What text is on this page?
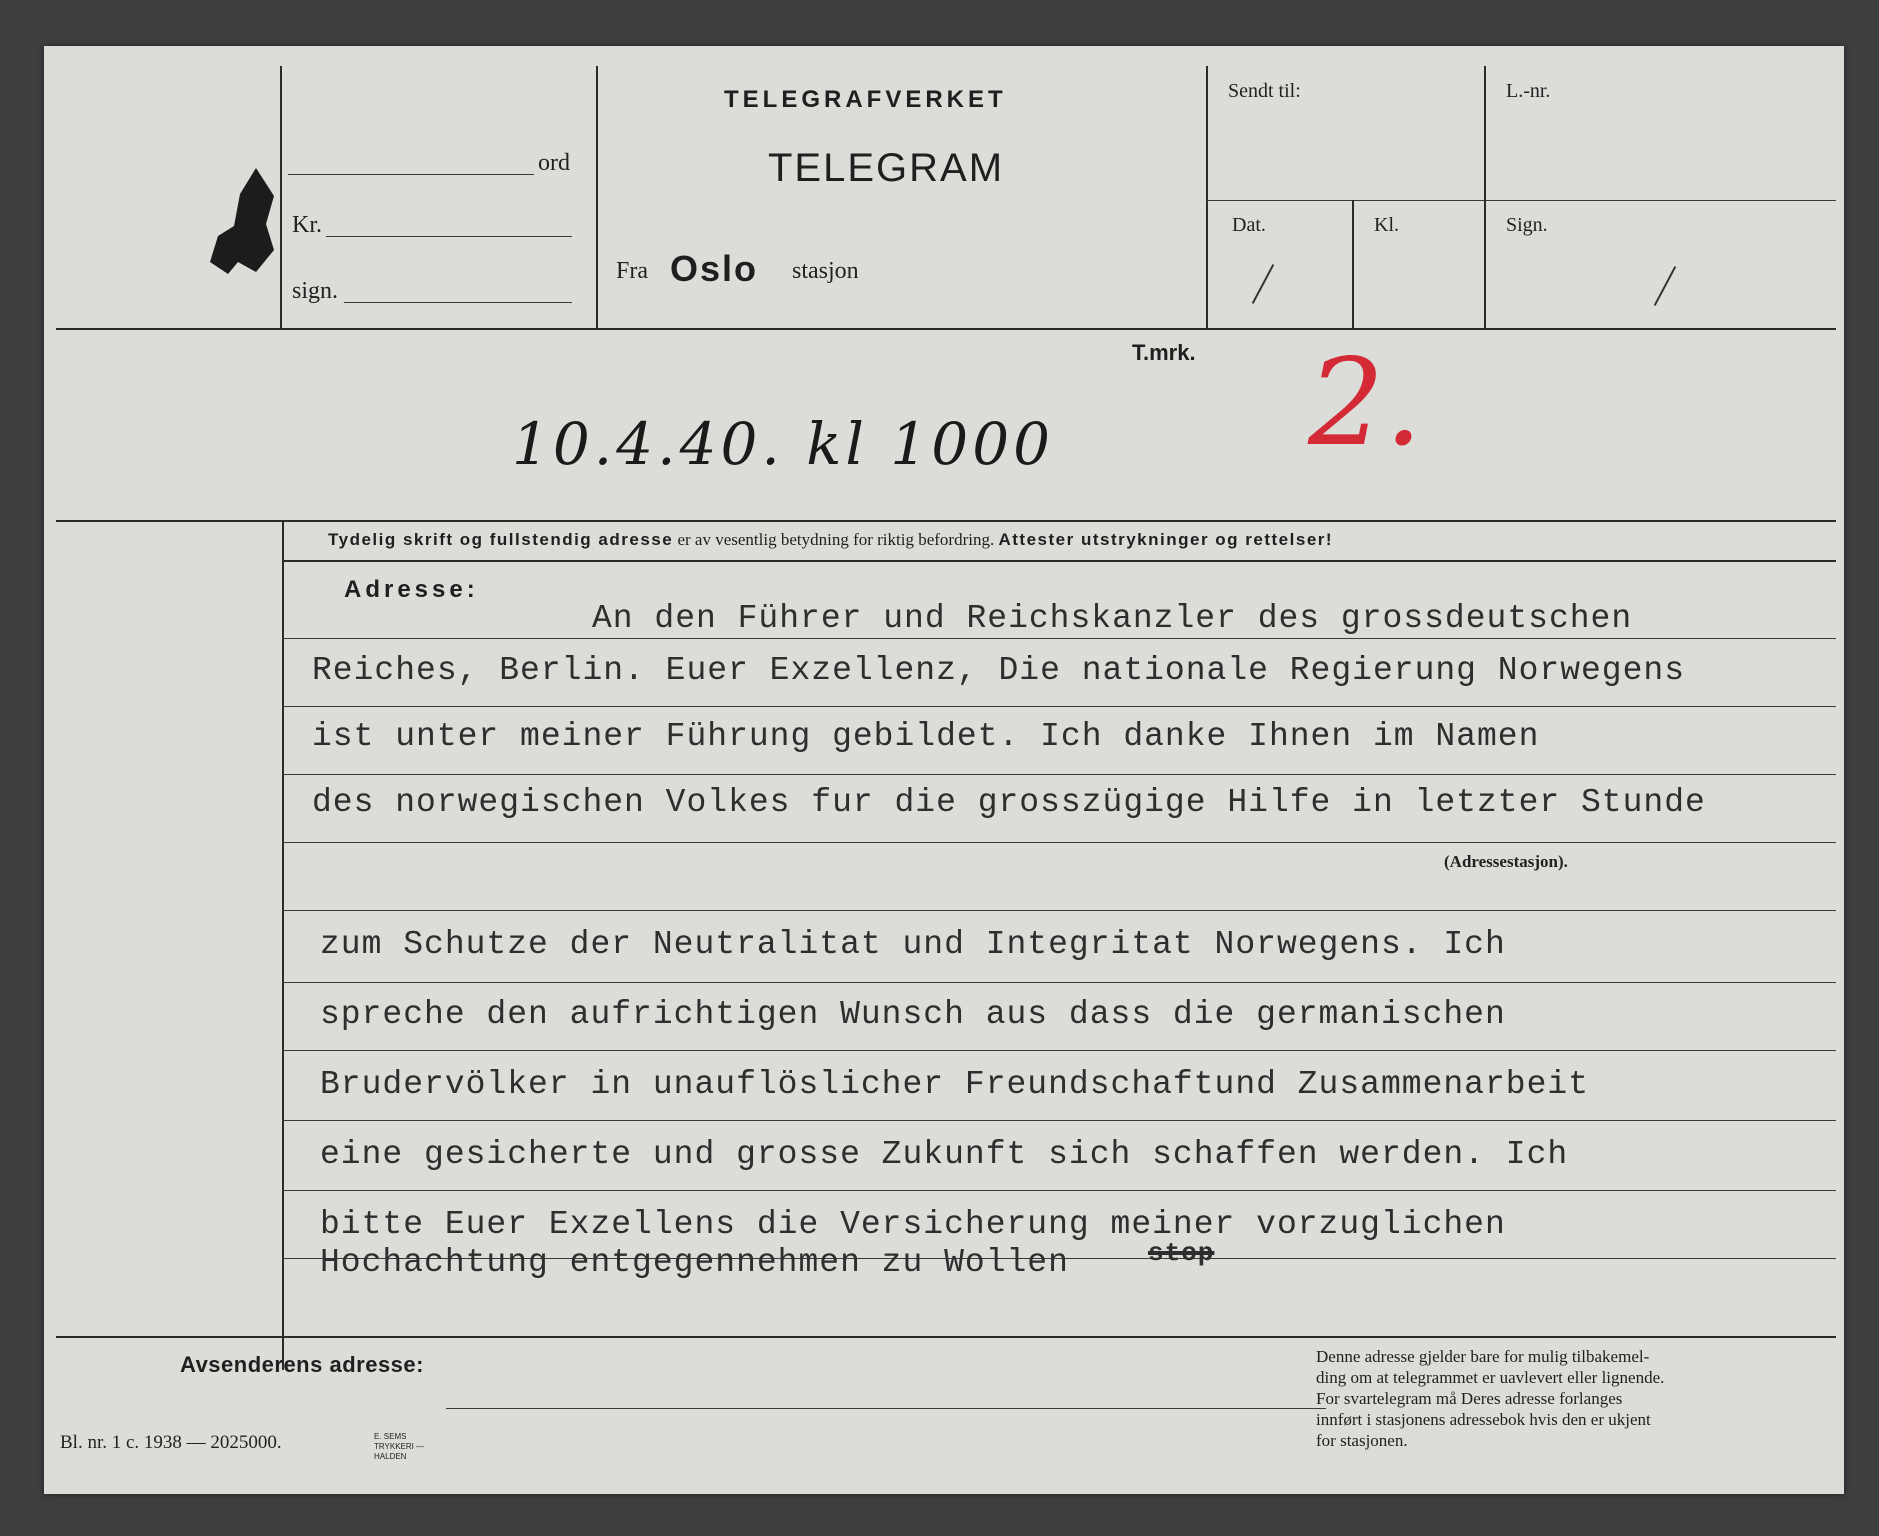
ord
Kr.
sign.
TELEGRAFVERKET
TELEGRAM
Fra Oslo stasjon
Sendt til:	L.-nr.
Dat.	Kl.	Sign.
T.mrk.
10.4.40. kl 1000 2.
Tydelig skrift og fullstendig adresse er av vesentlig betydning for riktig befordring. Attester utstrykninger og rettelser!
Adresse:
An den Führer und Reichskanzler des grossdeutschen
Reiches, Berlin. Euer Exzellenz, Die nationale Regierung Norwegens
ist unter meiner Führung gebildet. Ich danke Ihnen im Namen
des norwegischen Volkes fur die grosszügige Hilfe in letzter Stunde
(Adressestasjon).
zum Schutze der Neutralitat und Integritat Norwegens. Ich
spreche den aufrichtigen Wunsch aus dass die germanischen
Brudervölker in unauflöslicher Freundschaftund Zusammenarbeit
eine gesicherte und grosse Zukunft sich schaffen werden. Ich
bitte Euer Exzellens die Versicherung meiner vorzuglichen
Hochachtung entgegennehmen zu Wollen	stop
Avsenderens adresse:
Bl. nr. 1 c. 1938 — 2025000.	E. SEMS TRYKKERI — HALDEN
Denne adresse gjelder bare for mulig tilbakemel-
ding om at telegrammet er uavlevert eller lignende.
For svartelegram må Deres adresse forlanges
innført i stasjonens adressebok hvis den er ukjent
for stasjonen.
